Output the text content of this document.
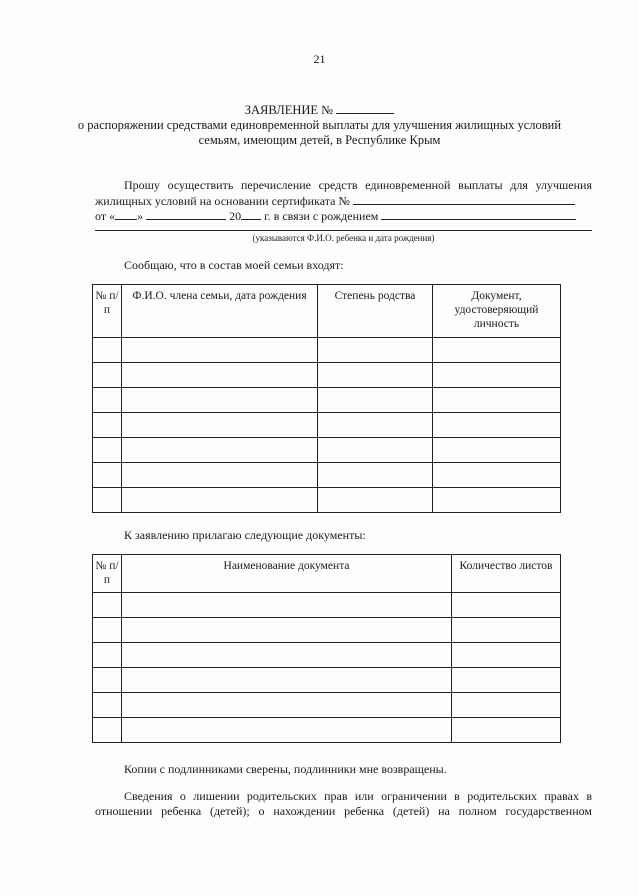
21
ЗАЯВЛЕНИЕ №
о распоряжении средствами единовременной выплаты для улучшения жилищных условий
семьям, имеющим детей, в Республике Крым
Прошу осуществить перечисление средств единовременной выплаты для улучшения
жилищных условий на основании сертификата №
от « »	20 г. в связи с рождением
(указываются Ф.И.О. ребенка и дата рождения)
Сообщаю, что в состав моей семьи входят:
№ п/п	Ф.И.О. члена семьи, дата рождения	Степень родства	Документ, удостоверяющий личность

К заявлению прилагаю следующие документы:
№ п/п	Наименование документа	Количество листов

Копии с подлинниками сверены, подлинники мне возвращены.
Сведения о лишении родительских прав или ограничении в родительских правах в
отношении ребенка (детей); о нахождении ребенка (детей) на полном государственном
